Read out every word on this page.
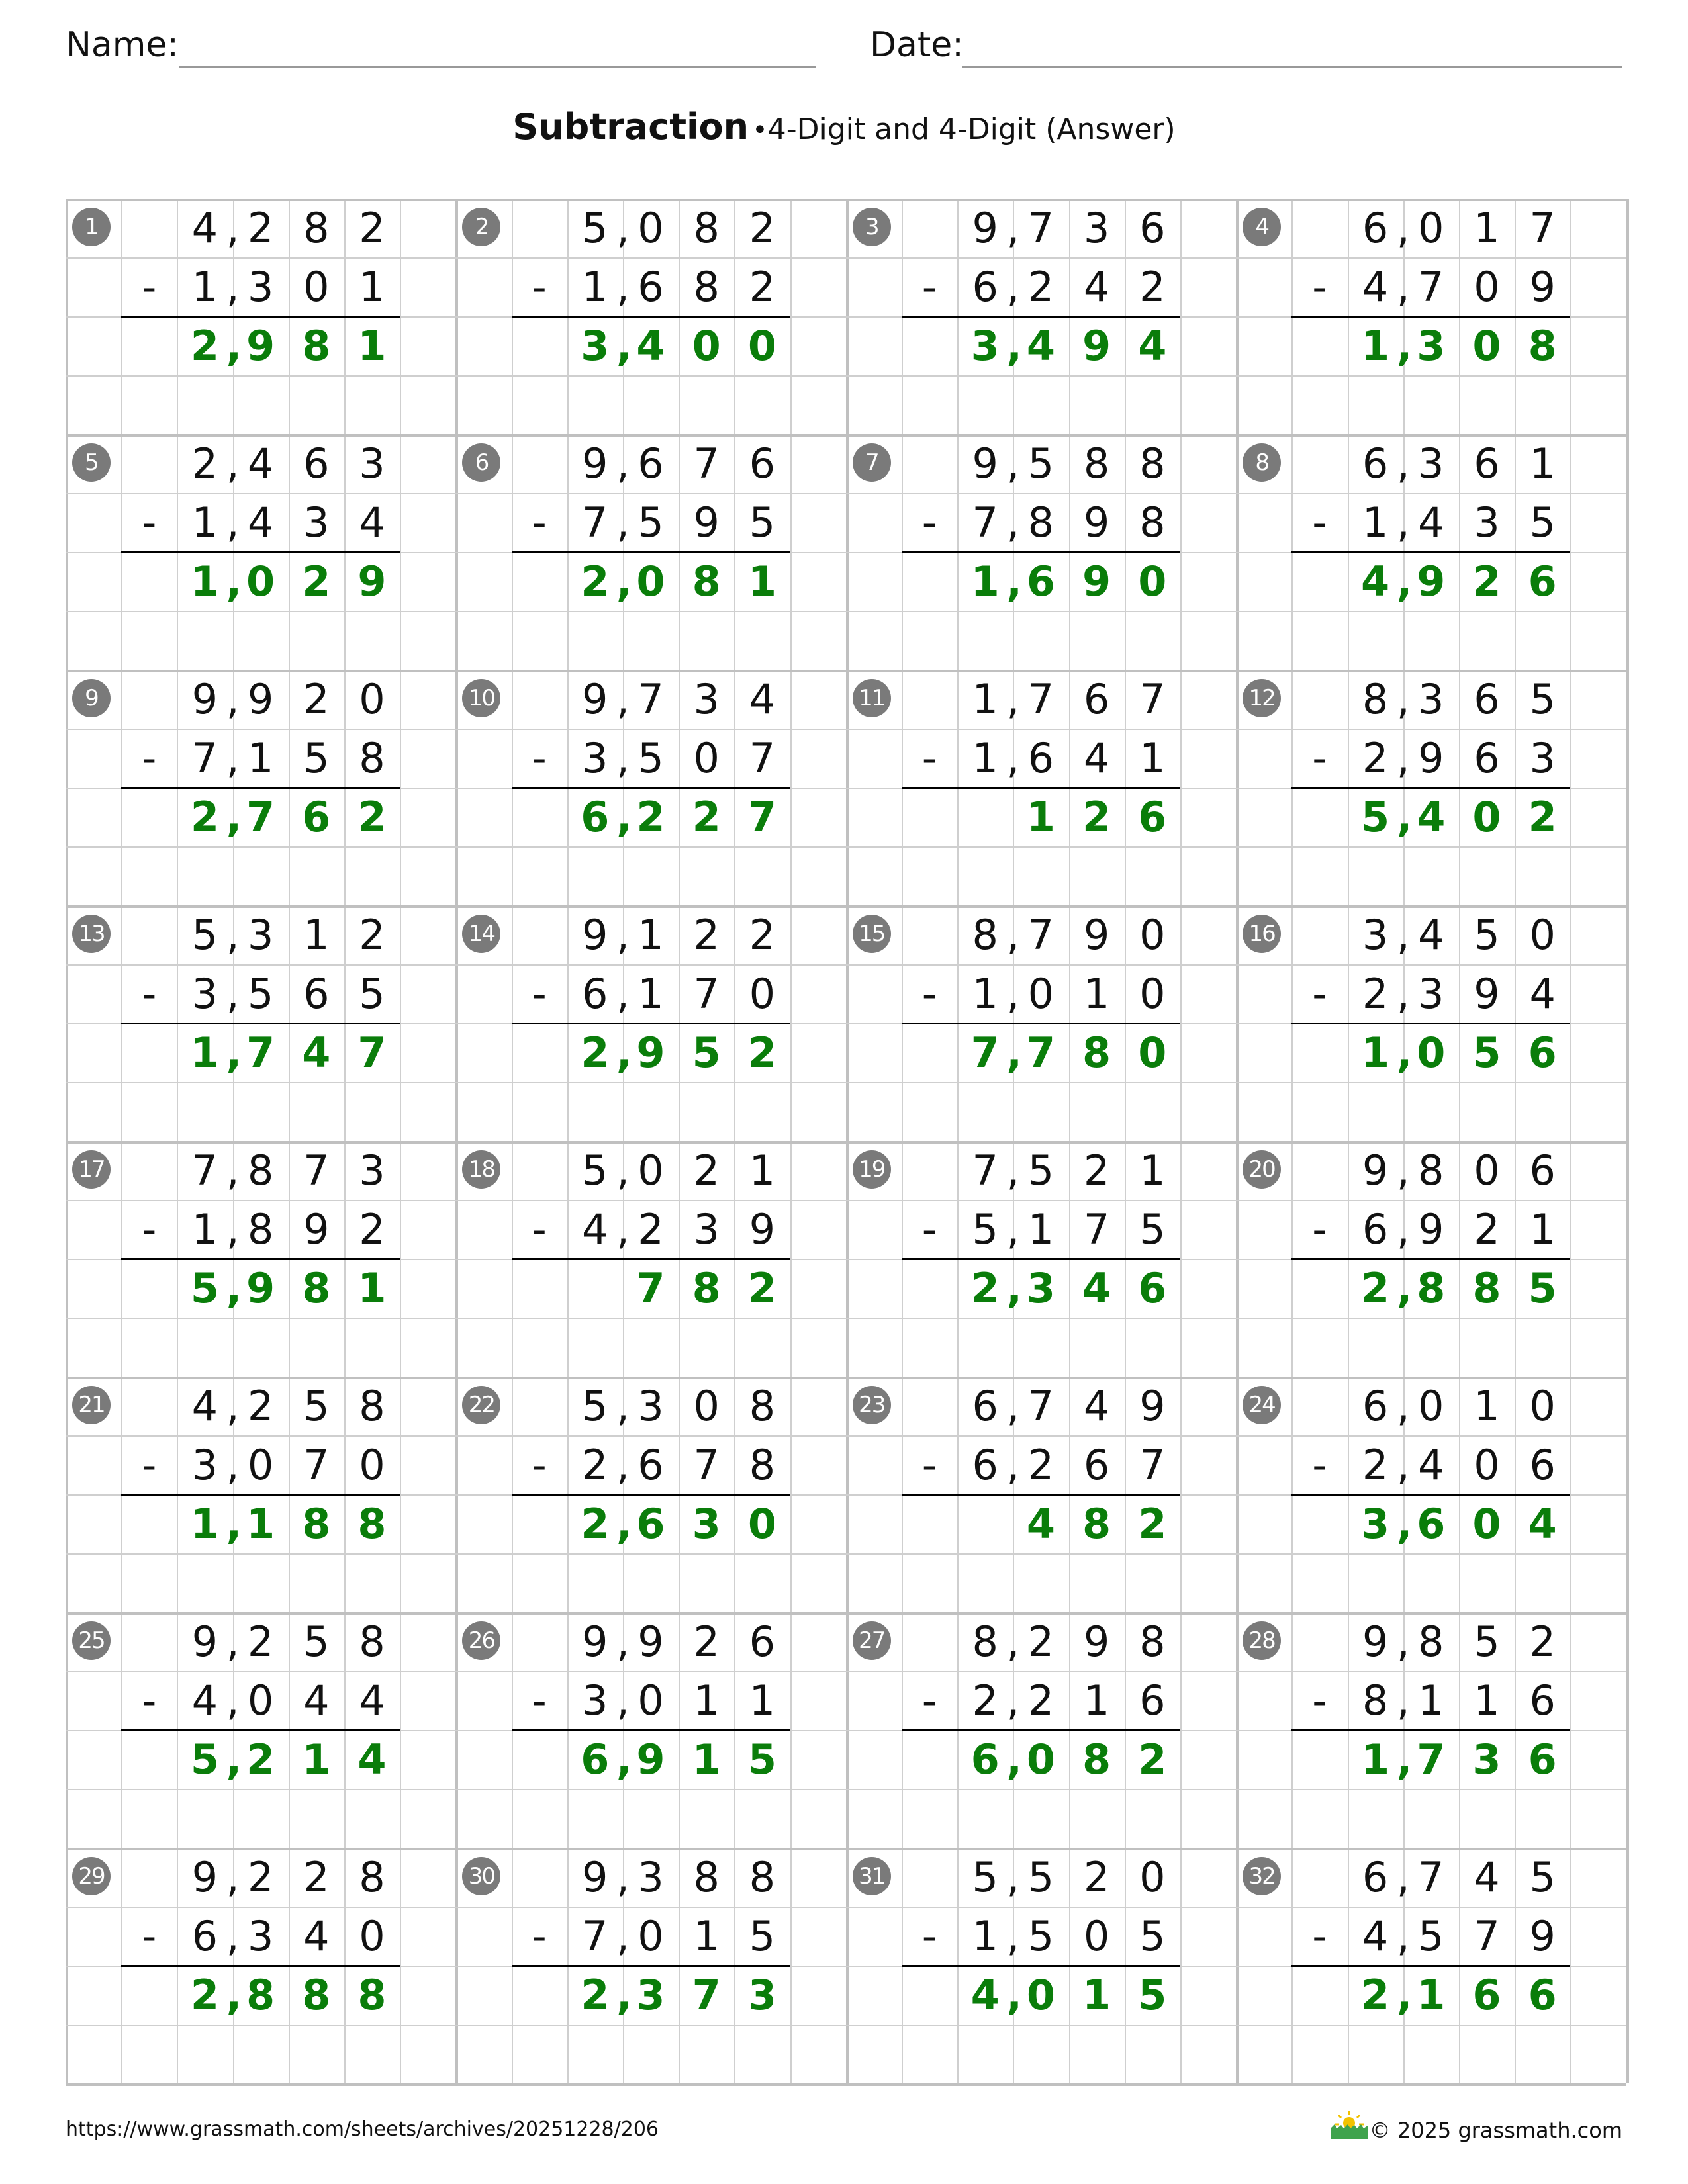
Name:	Date:
Subtraction •4-Digit and 4-Digit (Answer)
1	4 2 8 2
,
1 3 0 1
,
-
2 9 8 1
,
2	5 0 8 2
,
1 6 8 2
,
-
3 4 0 0
,
3	9 7 3 6
,
6 2 4 2
,
-
3 4 9 4
,
4	6 0 1 7
,
4 7 0 9
,
-
1 3 0 8
,
5	2 4 6 3
,
1 4 3 4
,
-
1 0 2 9
,
6	9 6 7 6
,
7 5 9 5
,
-
2 0 8 1
,
7	9 5 8 8
,
7 8 9 8
,
-
1 6 9 0
,
8	6 3 6 1
,
1 4 3 5
,
-
4 9 2 6
,
9	9 9 2 0
,
7 1 5 8
,
-
2 7 6 2
,
10	9 7 3 4
,
3 5 0 7
,
-
6 2 2 7
,
11	1 7 6 7
,
1 6 4 1
,
-
1 2 6
12	8 3 6 5
,
2 9 6 3
,
-
5 4 0 2
,
13	5 3 1 2
,
3 5 6 5
,
-
1 7 4 7
,
14	9 1 2 2
,
6 1 7 0
,
-
2 9 5 2
,
15	8 7 9 0
,
1 0 1 0
,
-
7 7 8 0
,
16	3 4 5 0
,
2 3 9 4
,
-
1 0 5 6
,
17	7 8 7 3
,
1 8 9 2
,
-
5 9 8 1
,
18	5 0 2 1
,
4 2 3 9
,
-
7 8 2
19	7 5 2 1
,
5 1 7 5
,
-
2 3 4 6
,
20	9 8 0 6
,
6 9 2 1
,
-
2 8 8 5
,
21	4 2 5 8
,
3 0 7 0
,
-
1 1 8 8
,
22	5 3 0 8
,
2 6 7 8
,
-
2 6 3 0
,
23	6 7 4 9
,
6 2 6 7
,
-
4 8 2
24	6 0 1 0
,
2 4 0 6
,
-
3 6 0 4
,
25	9 2 5 8
,
4 0 4 4
,
-
5 2 1 4
,
26	9 9 2 6
,
3 0 1 1
,
-
6 9 1 5
,
27	8 2 9 8
,
2 2 1 6
,
-
6 0 8 2
,
28	9 8 5 2
,
8 1 1 6
,
-
1 7 3 6
,
29	9 2 2 8
,
6 3 4 0
,
-
2 8 8 8
,
30	9 3 8 8
,
7 0 1 5
,
-
2 3 7 3
,
31	5 5 2 0
,
1 5 0 5
,
-
4 0 1 5
,
32	6 7 4 5
,
4 5 7 9
,
-
2 1 6 6
,
https://www.grassmath.com/sheets/archives/20251228/206	© 2025 grassmath.com
